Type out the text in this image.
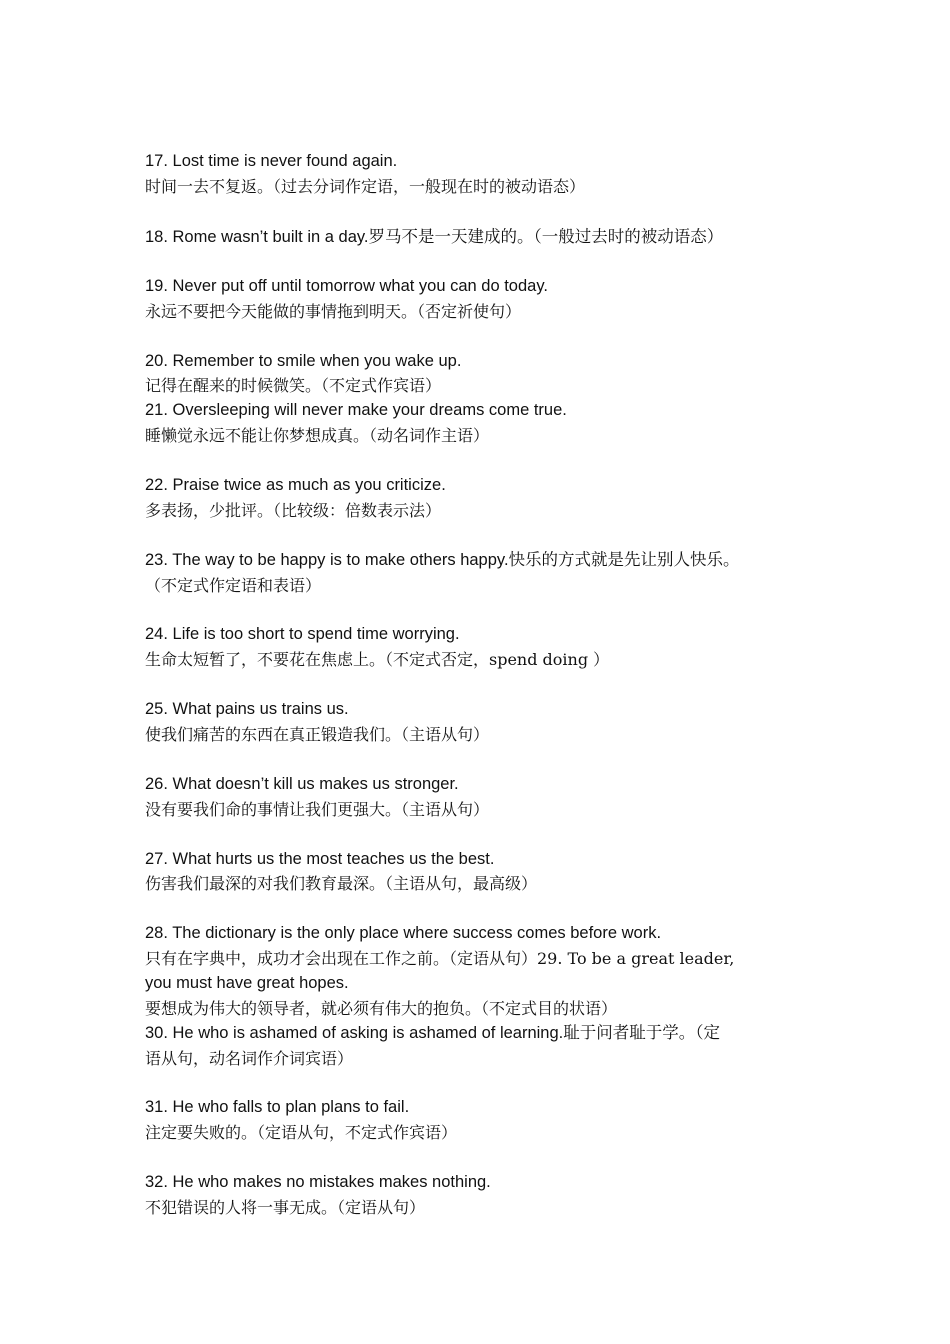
17. Lost time is never found again.

时间一去不复返。（过去分词作定语，一般现在时的被动语态）

18. Rome wasn’t built in a day.罗马不是一天建成的。（一般过去时的被动语态）

19. Never put off until tomorrow what you can do today.

永远不要把今天能做的事情拖到明天。（否定祈使句）

20. Remember to smile when you wake up.

记得在醒来的时候微笑。（不定式作宾语）

21. Oversleeping will never make your dreams come true.

睡懒觉永远不能让你梦想成真。（动名词作主语）

22. Praise twice as much as you criticize.

多表扬，少批评。（比较级：倍数表示法）

23. The way to be happy is to make others happy.快乐的方式就是先让别人快乐。

（不定式作定语和表语）

24. Life is too short to spend time worrying.

生命太短暂了，不要花在焦虑上。（不定式否定，spend doing ）

25. What pains us trains us.

使我们痛苦的东西在真正锻造我们。（主语从句）

26. What doesn’t kill us makes us stronger.

没有要我们命的事情让我们更强大。（主语从句）

27. What hurts us the most teaches us the best.

伤害我们最深的对我们教育最深。（主语从句，最高级）

28. The dictionary is the only place where success comes before work.

只有在字典中，成功才会出现在工作之前。（定语从句）29. To be a great leader,

you must have great hopes.

要想成为伟大的领导者，就必须有伟大的抱负。（不定式目的状语）

30. He who is ashamed of asking is ashamed of learning.耻于问者耻于学。（定

语从句，动名词作介词宾语）

31. He who falls to plan plans to fail.

注定要失败的。（定语从句，不定式作宾语）

32. He who makes no mistakes makes nothing.

不犯错误的人将一事无成。（定语从句）
